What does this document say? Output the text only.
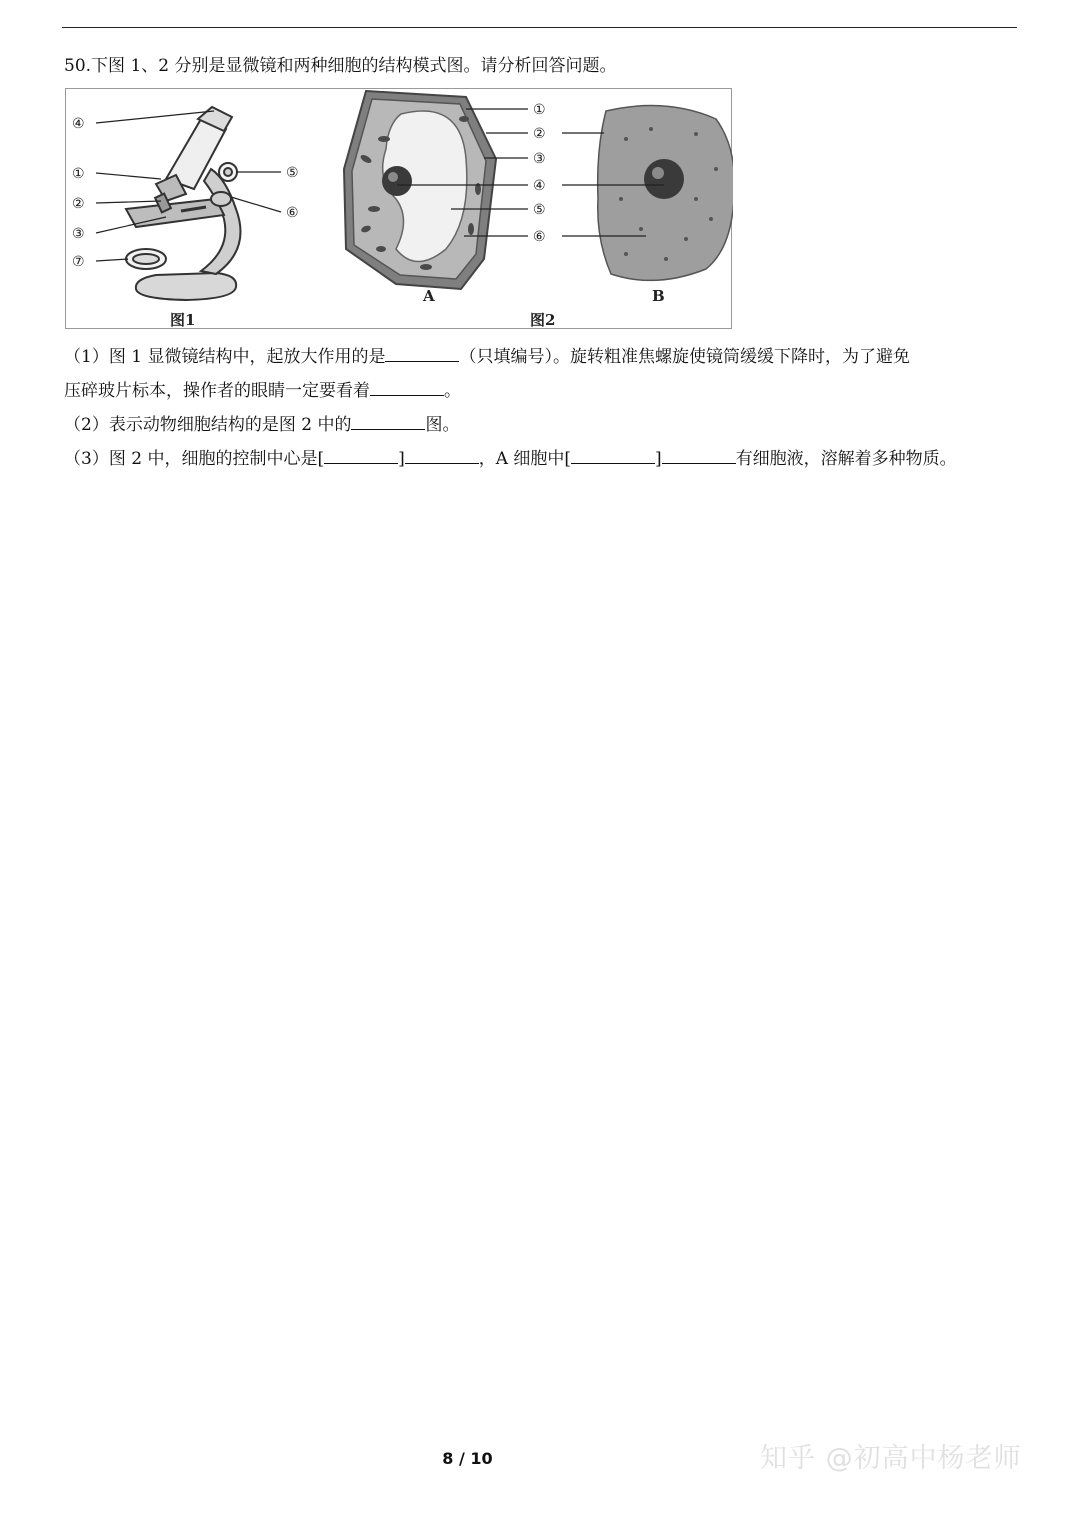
50.下图 1、2 分别是显微镜和两种细胞的结构模式图。请分析回答问题。
④
①
②
③
⑦
⑤
⑥
①
②
③
④
⑤
⑥
A	B
图1	图2
（1）图 1 显微镜结构中，起放大作用的是	（只填编号）。旋转粗准焦螺旋使镜筒缓缓下降时，为了避免
压碎玻片标本，操作者的眼睛一定要看着	。
（2）表示动物细胞结构的是图 2 中的	图。
（3）图 2 中，细胞的控制中心是[	]	，A 细胞中[	]	有细胞液，溶解着多种物质。
8 / 10	知乎 @初高中杨老师
